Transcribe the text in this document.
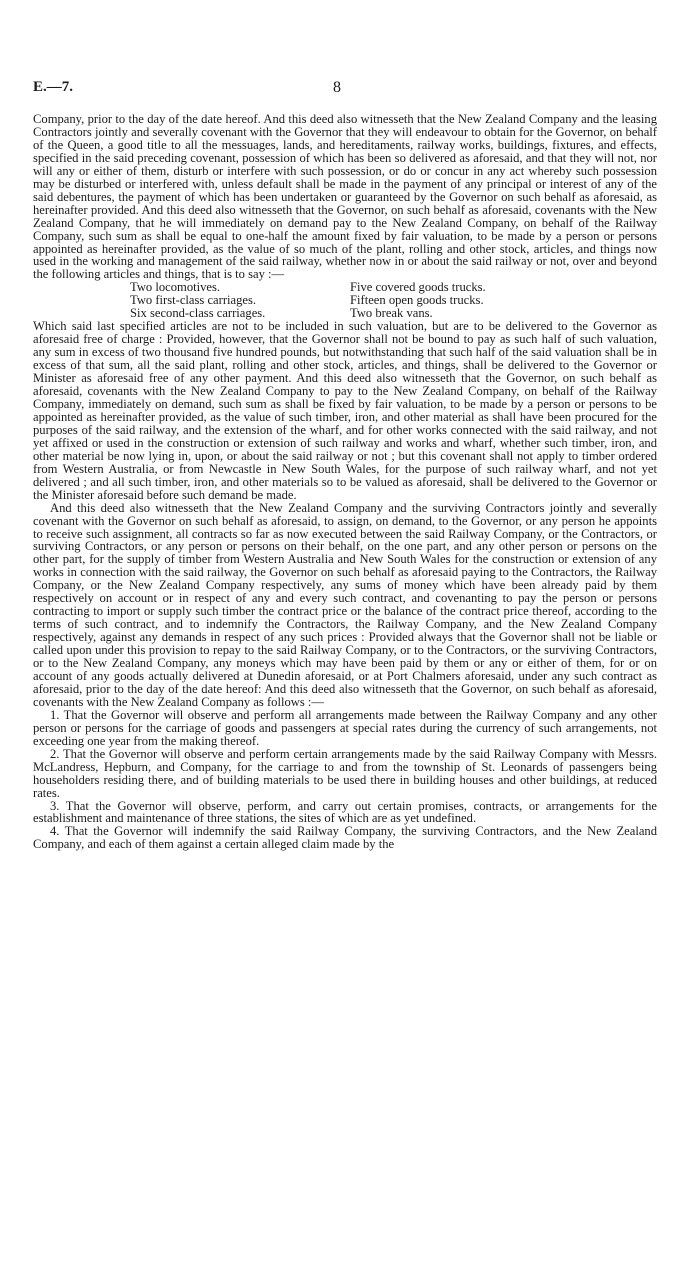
E.—7.	8

Company, prior to the day of the date hereof. And this deed also witnesseth that the New Zealand Company and the leasing Contractors jointly and severally covenant with the Governor that they will endeavour to obtain for the Governor, on behalf of the Queen, a good title to all the messuages, lands, and hereditaments, railway works, buildings, fixtures, and effects, specified in the said preceding covenant, possession of which has been so delivered as aforesaid, and that they will not, nor will any or either of them, disturb or interfere with such possession, or do or concur in any act whereby such possession may be disturbed or interfered with, unless default shall be made in the payment of any principal or interest of any of the said debentures, the payment of which has been undertaken or guaranteed by the Governor on such behalf as aforesaid, as hereinafter provided. And this deed also witnesseth that the Governor, on such behalf as aforesaid, covenants with the New Zealand Company, that he will immediately on demand pay to the New Zealand Company, on behalf of the Railway Company, such sum as shall be equal to one-half the amount fixed by fair valuation, to be made by a person or persons appointed as hereinafter provided, as the value of so much of the plant, rolling and other stock, articles, and things now used in the working and management of the said railway, whether now in or about the said railway or not, over and beyond the following articles and things, that is to say :—

Two locomotives.	Five covered goods trucks.
Two first-class carriages.	Fifteen open goods trucks.
Six second-class carriages.	Two break vans.

Which said last specified articles are not to be included in such valuation, but are to be delivered to the Governor as aforesaid free of charge : Provided, however, that the Governor shall not be bound to pay as such half of such valuation, any sum in excess of two thousand five hundred pounds, but notwithstanding that such half of the said valuation shall be in excess of that sum, all the said plant, rolling and other stock, articles, and things, shall be delivered to the Governor or Minister as aforesaid free of any other payment. And this deed also witnesseth that the Governor, on such behalf as aforesaid, covenants with the New Zealand Company to pay to the New Zealand Company, on behalf of the Railway Company, immediately on demand, such sum as shall be fixed by fair valuation, to be made by a person or persons to be appointed as hereinafter provided, as the value of such timber, iron, and other material as shall have been procured for the purposes of the said railway, and the extension of the wharf, and for other works connected with the said railway, and not yet affixed or used in the construction or extension of such railway and works and wharf, whether such timber, iron, and other material be now lying in, upon, or about the said railway or not ; but this covenant shall not apply to timber ordered from Western Australia, or from Newcastle in New South Wales, for the purpose of such railway wharf, and not yet delivered ; and all such timber, iron, and other materials so to be valued as aforesaid, shall be delivered to the Governor or the Minister aforesaid before such demand be made.

And this deed also witnesseth that the New Zealand Company and the surviving Contractors jointly and severally covenant with the Governor on such behalf as aforesaid, to assign, on demand, to the Governor, or any person he appoints to receive such assignment, all contracts so far as now executed between the said Railway Company, or the Contractors, or surviving Contractors, or any person or persons on their behalf, on the one part, and any other person or persons on the other part, for the supply of timber from Western Australia and New South Wales for the construction or extension of any works in connection with the said railway, the Governor on such behalf as aforesaid paying to the Contractors, the Railway Company, or the New Zealand Company respectively, any sums of money which have been already paid by them respectively on account or in respect of any and every such contract, and covenanting to pay the person or persons contracting to import or supply such timber the contract price or the balance of the contract price thereof, according to the terms of such contract, and to indemnify the Contractors, the Railway Company, and the New Zealand Company respectively, against any demands in respect of any such prices : Provided always that the Governor shall not be liable or called upon under this provision to repay to the said Railway Company, or to the Contractors, or the surviving Contractors, or to the New Zealand Company, any moneys which may have been paid by them or any or either of them, for or on account of any goods actually delivered at Dunedin aforesaid, or at Port Chalmers aforesaid, under any such contract as aforesaid, prior to the day of the date hereof: And this deed also witnesseth that the Governor, on such behalf as aforesaid, covenants with the New Zealand Company as follows :—

1. That the Governor will observe and perform all arrangements made between the Railway Company and any other person or persons for the carriage of goods and passengers at special rates during the currency of such arrangements, not exceeding one year from the making thereof.

2. That the Governor will observe and perform certain arrangements made by the said Railway Company with Messrs. McLandress, Hepburn, and Company, for the carriage to and from the township of St. Leonards of passengers being householders residing there, and of building materials to be used there in building houses and other buildings, at reduced rates.

3. That the Governor will observe, perform, and carry out certain promises, contracts, or arrangements for the establishment and maintenance of three stations, the sites of which are as yet undefined.

4. That the Governor will indemnify the said Railway Company, the surviving Contractors, and the New Zealand Company, and each of them against a certain alleged claim made by the
